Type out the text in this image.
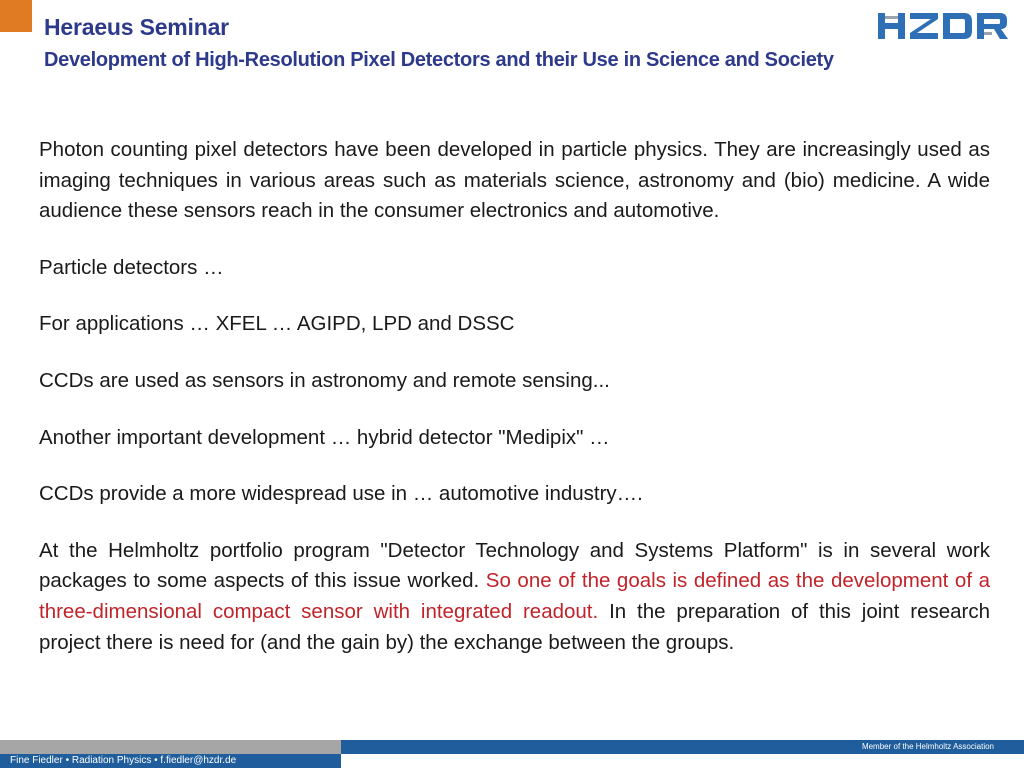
Heraeus Seminar
Development of High-Resolution Pixel Detectors and their Use in Science and Society

Photon counting pixel detectors have been developed in particle physics. They are increasingly used as imaging techniques in various areas such as materials science, astronomy and (bio) medicine. A wide audience these sensors reach in the consumer electronics and automotive.

Particle detectors …

For applications … XFEL … AGIPD, LPD and DSSC

CCDs are used as sensors in astronomy and remote sensing...

Another important development … hybrid detector "Medipix" …

CCDs provide a more widespread use in … automotive industry….

At the Helmholtz portfolio program "Detector Technology and Systems Platform" is in several work packages to some aspects of this issue worked. So one of the goals is defined as the development of a three-dimensional compact sensor with integrated readout. In the preparation of this joint research project there is need for (and the gain by) the exchange between the groups.

Member of the Helmholtz Association
Fine Fiedler • Radiation Physics • f.fiedler@hzdr.de
